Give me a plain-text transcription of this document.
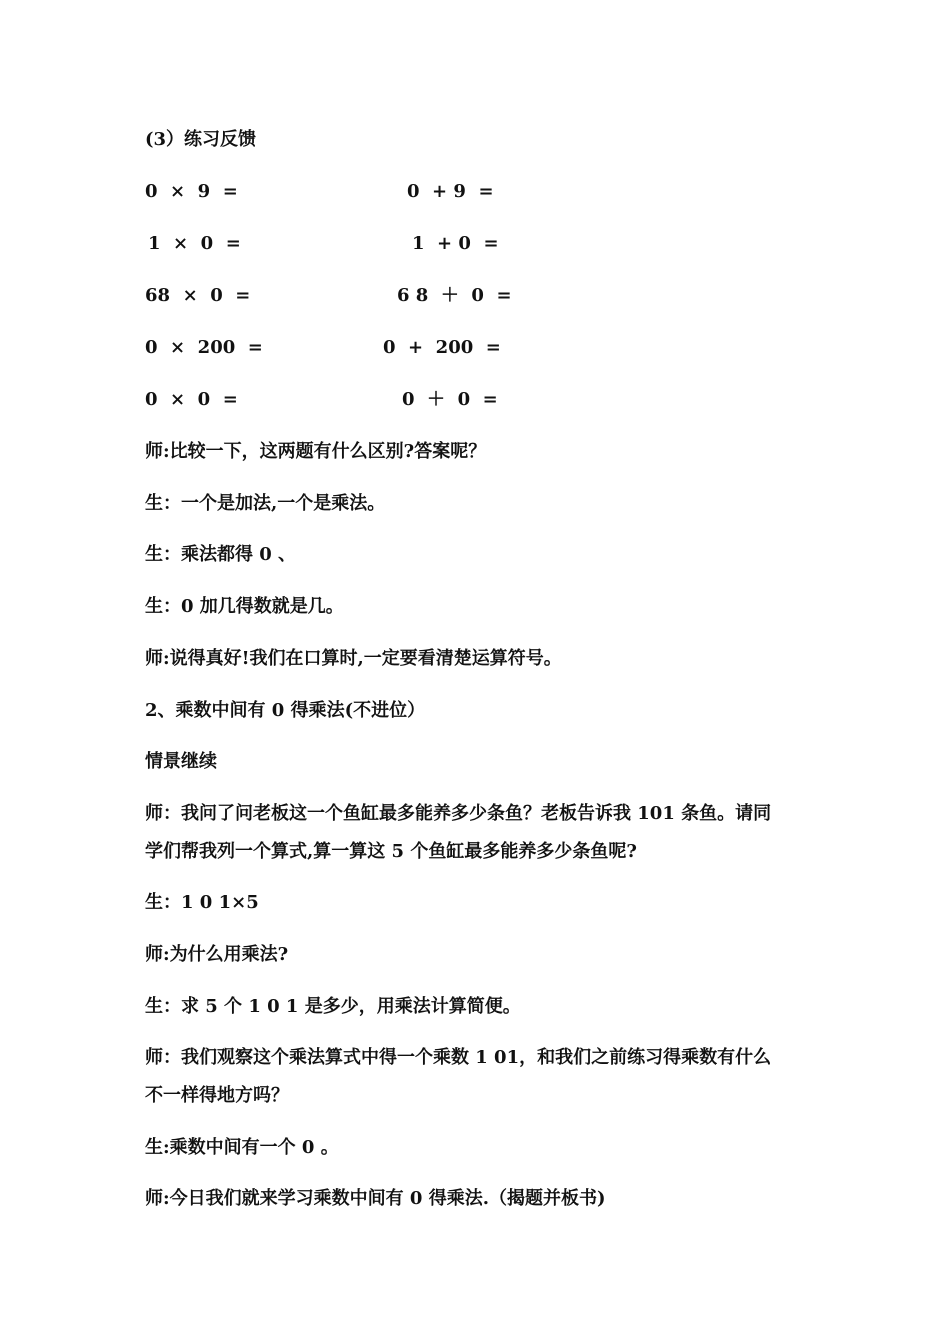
(3）练习反馈
0  ×  9  =	0  + 9  =
1  ×  0  =	1  + 0  =
68  ×  0  =	6 8  ＋  0  =
0  ×  200  =	0  +  200  =
0  ×  0  =	0  ＋  0  =
师:比较一下，这两题有什么区别?答案呢？
生：一个是加法,一个是乘法。
生：乘法都得 0 、
生：0 加几得数就是几。
师:说得真好!我们在口算时,一定要看清楚运算符号。
2、乘数中间有 0 得乘法(不进位）
情景继续
师：我问了问老板这一个鱼缸最多能养多少条鱼？老板告诉我 101 条鱼。请同
学们帮我列一个算式,算一算这 5 个鱼缸最多能养多少条鱼呢?
生：1 0 1×5
师:为什么用乘法?
生：求 5 个 1 0 1 是多少，用乘法计算简便。
师：我们观察这个乘法算式中得一个乘数 1 01，和我们之前练习得乘数有什么
不一样得地方吗？
生:乘数中间有一个 0 。
师:今日我们就来学习乘数中间有 0 得乘法.（揭题并板书)
